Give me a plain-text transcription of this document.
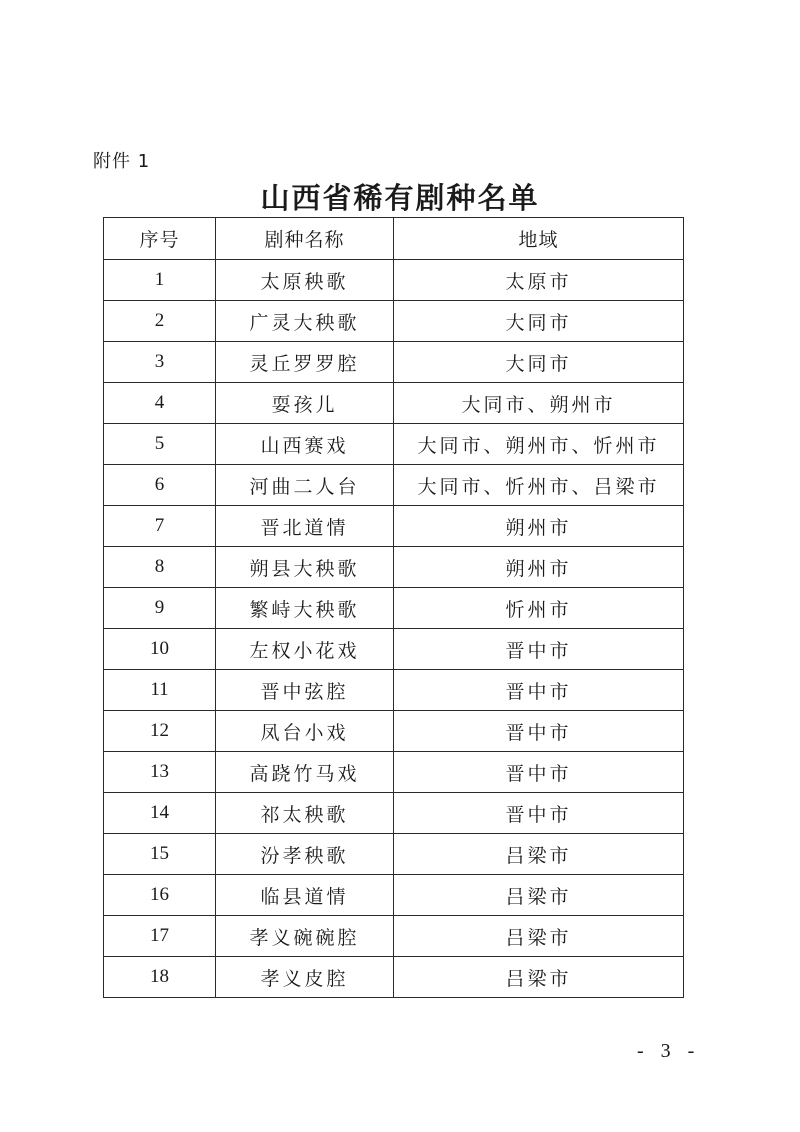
附件 1
山西省稀有剧种名单
序号	剧种名称	地域
1	太原秧歌	太原市
2	广灵大秧歌	大同市
3	灵丘罗罗腔	大同市
4	耍孩儿	大同市、朔州市
5	山西赛戏	大同市、朔州市、忻州市
6	河曲二人台	大同市、忻州市、吕梁市
7	晋北道情	朔州市
8	朔县大秧歌	朔州市
9	繁峙大秧歌	忻州市
10	左权小花戏	晋中市
11	晋中弦腔	晋中市
12	凤台小戏	晋中市
13	高跷竹马戏	晋中市
14	祁太秧歌	晋中市
15	汾孝秧歌	吕梁市
16	临县道情	吕梁市
17	孝义碗碗腔	吕梁市
18	孝义皮腔	吕梁市
- 3 -
